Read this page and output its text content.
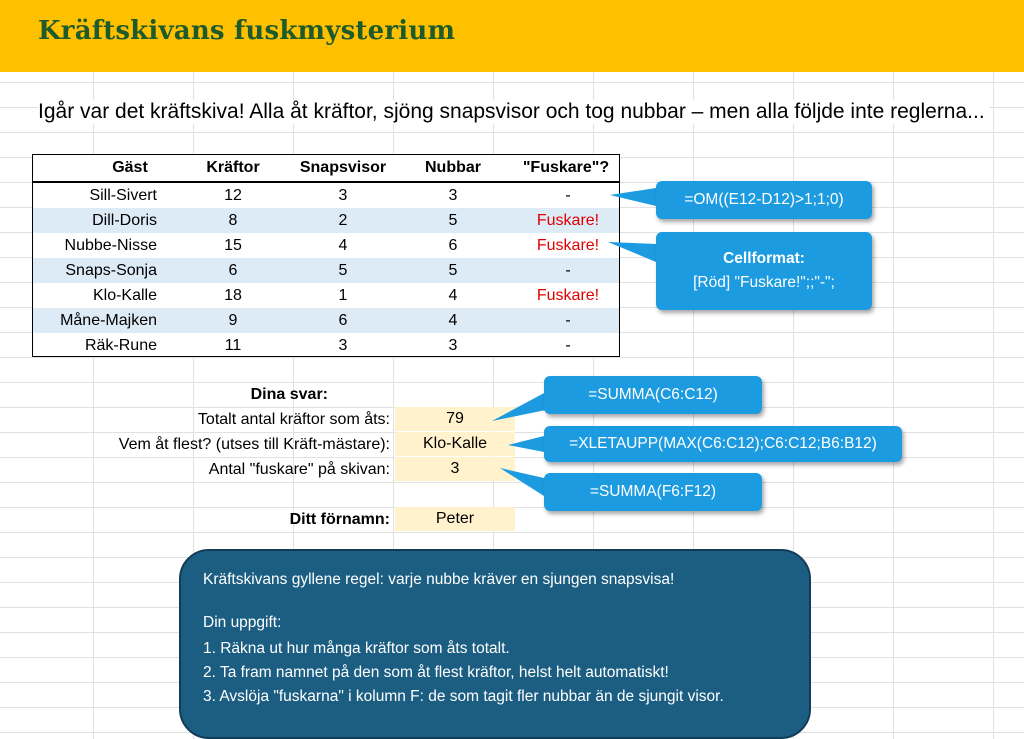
Kräftskivans fuskmysterium
Igår var det kräftskiva! Alla åt kräftor, sjöng snapsvisor och tog nubbar – men alla följde inte reglerna...
Gäst	Kräftor	Snapsvisor	Nubbar	"Fuskare"?
Sill-Sivert	12	3	3	-
Dill-Doris	8	2	5	Fuskare!
Nubbe-Nisse	15	4	6	Fuskare!
Snaps-Sonja	6	5	5	-
Klo-Kalle	18	1	4	Fuskare!
Måne-Majken	9	6	4	-
Räk-Rune	11	3	3	-
Dina svar:
Totalt antal kräftor som åts:	79
Vem åt flest? (utses till Kräft-mästare):	Klo-Kalle
Antal "fuskare" på skivan:	3
Ditt förnamn:	Peter
=OM((E12-D12)>1;1;0)
Cellformat:
[Röd] "Fuskare!";;"-";
=SUMMA(C6:C12)
=XLETAUPP(MAX(C6:C12);C6:C12;B6:B12)
=SUMMA(F6:F12)
Kräftskivans gyllene regel: varje nubbe kräver en sjungen snapsvisa!
Din uppgift:
1. Räkna ut hur många kräftor som åts totalt.
2. Ta fram namnet på den som åt flest kräftor, helst helt automatiskt!
3. Avslöja "fuskarna" i kolumn F: de som tagit fler nubbar än de sjungit visor.
